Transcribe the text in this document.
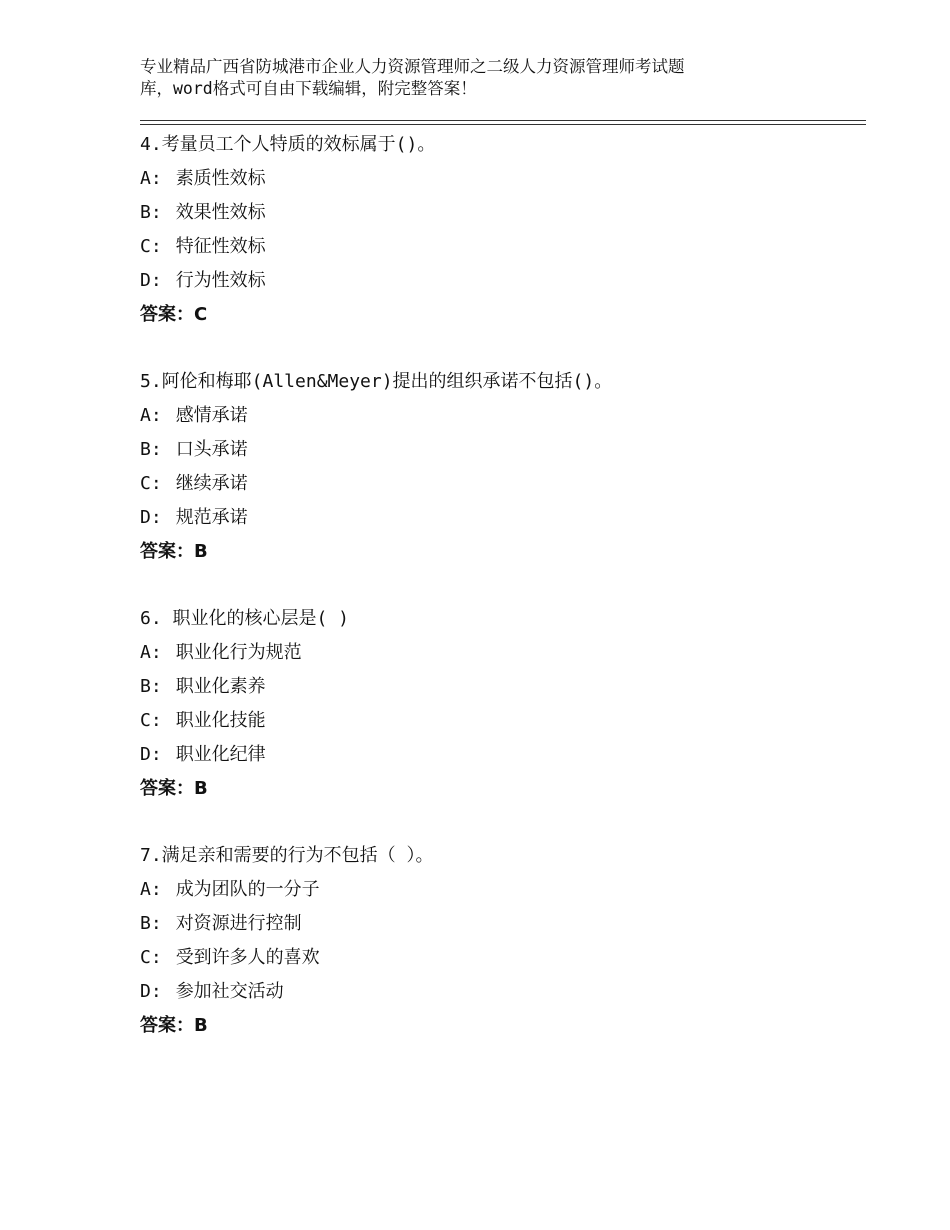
专业精品广西省防城港市企业人力资源管理师之二级人力资源管理师考试题
库，word格式可自由下载编辑，附完整答案！
4.考量员工个人特质的效标属于()。
A: 素质性效标
B: 效果性效标
C: 特征性效标
D: 行为性效标
答案：C
5.阿伦和梅耶(Allen&Meyer)提出的组织承诺不包括()。
A: 感情承诺
B: 口头承诺
C: 继续承诺
D: 规范承诺
答案：B
6. 职业化的核心层是( )
A: 职业化行为规范
B: 职业化素养
C: 职业化技能
D: 职业化纪律
答案：B
7.满足亲和需要的行为不包括（ ）。
A: 成为团队的一分子
B: 对资源进行控制
C: 受到许多人的喜欢
D: 参加社交活动
答案：B
